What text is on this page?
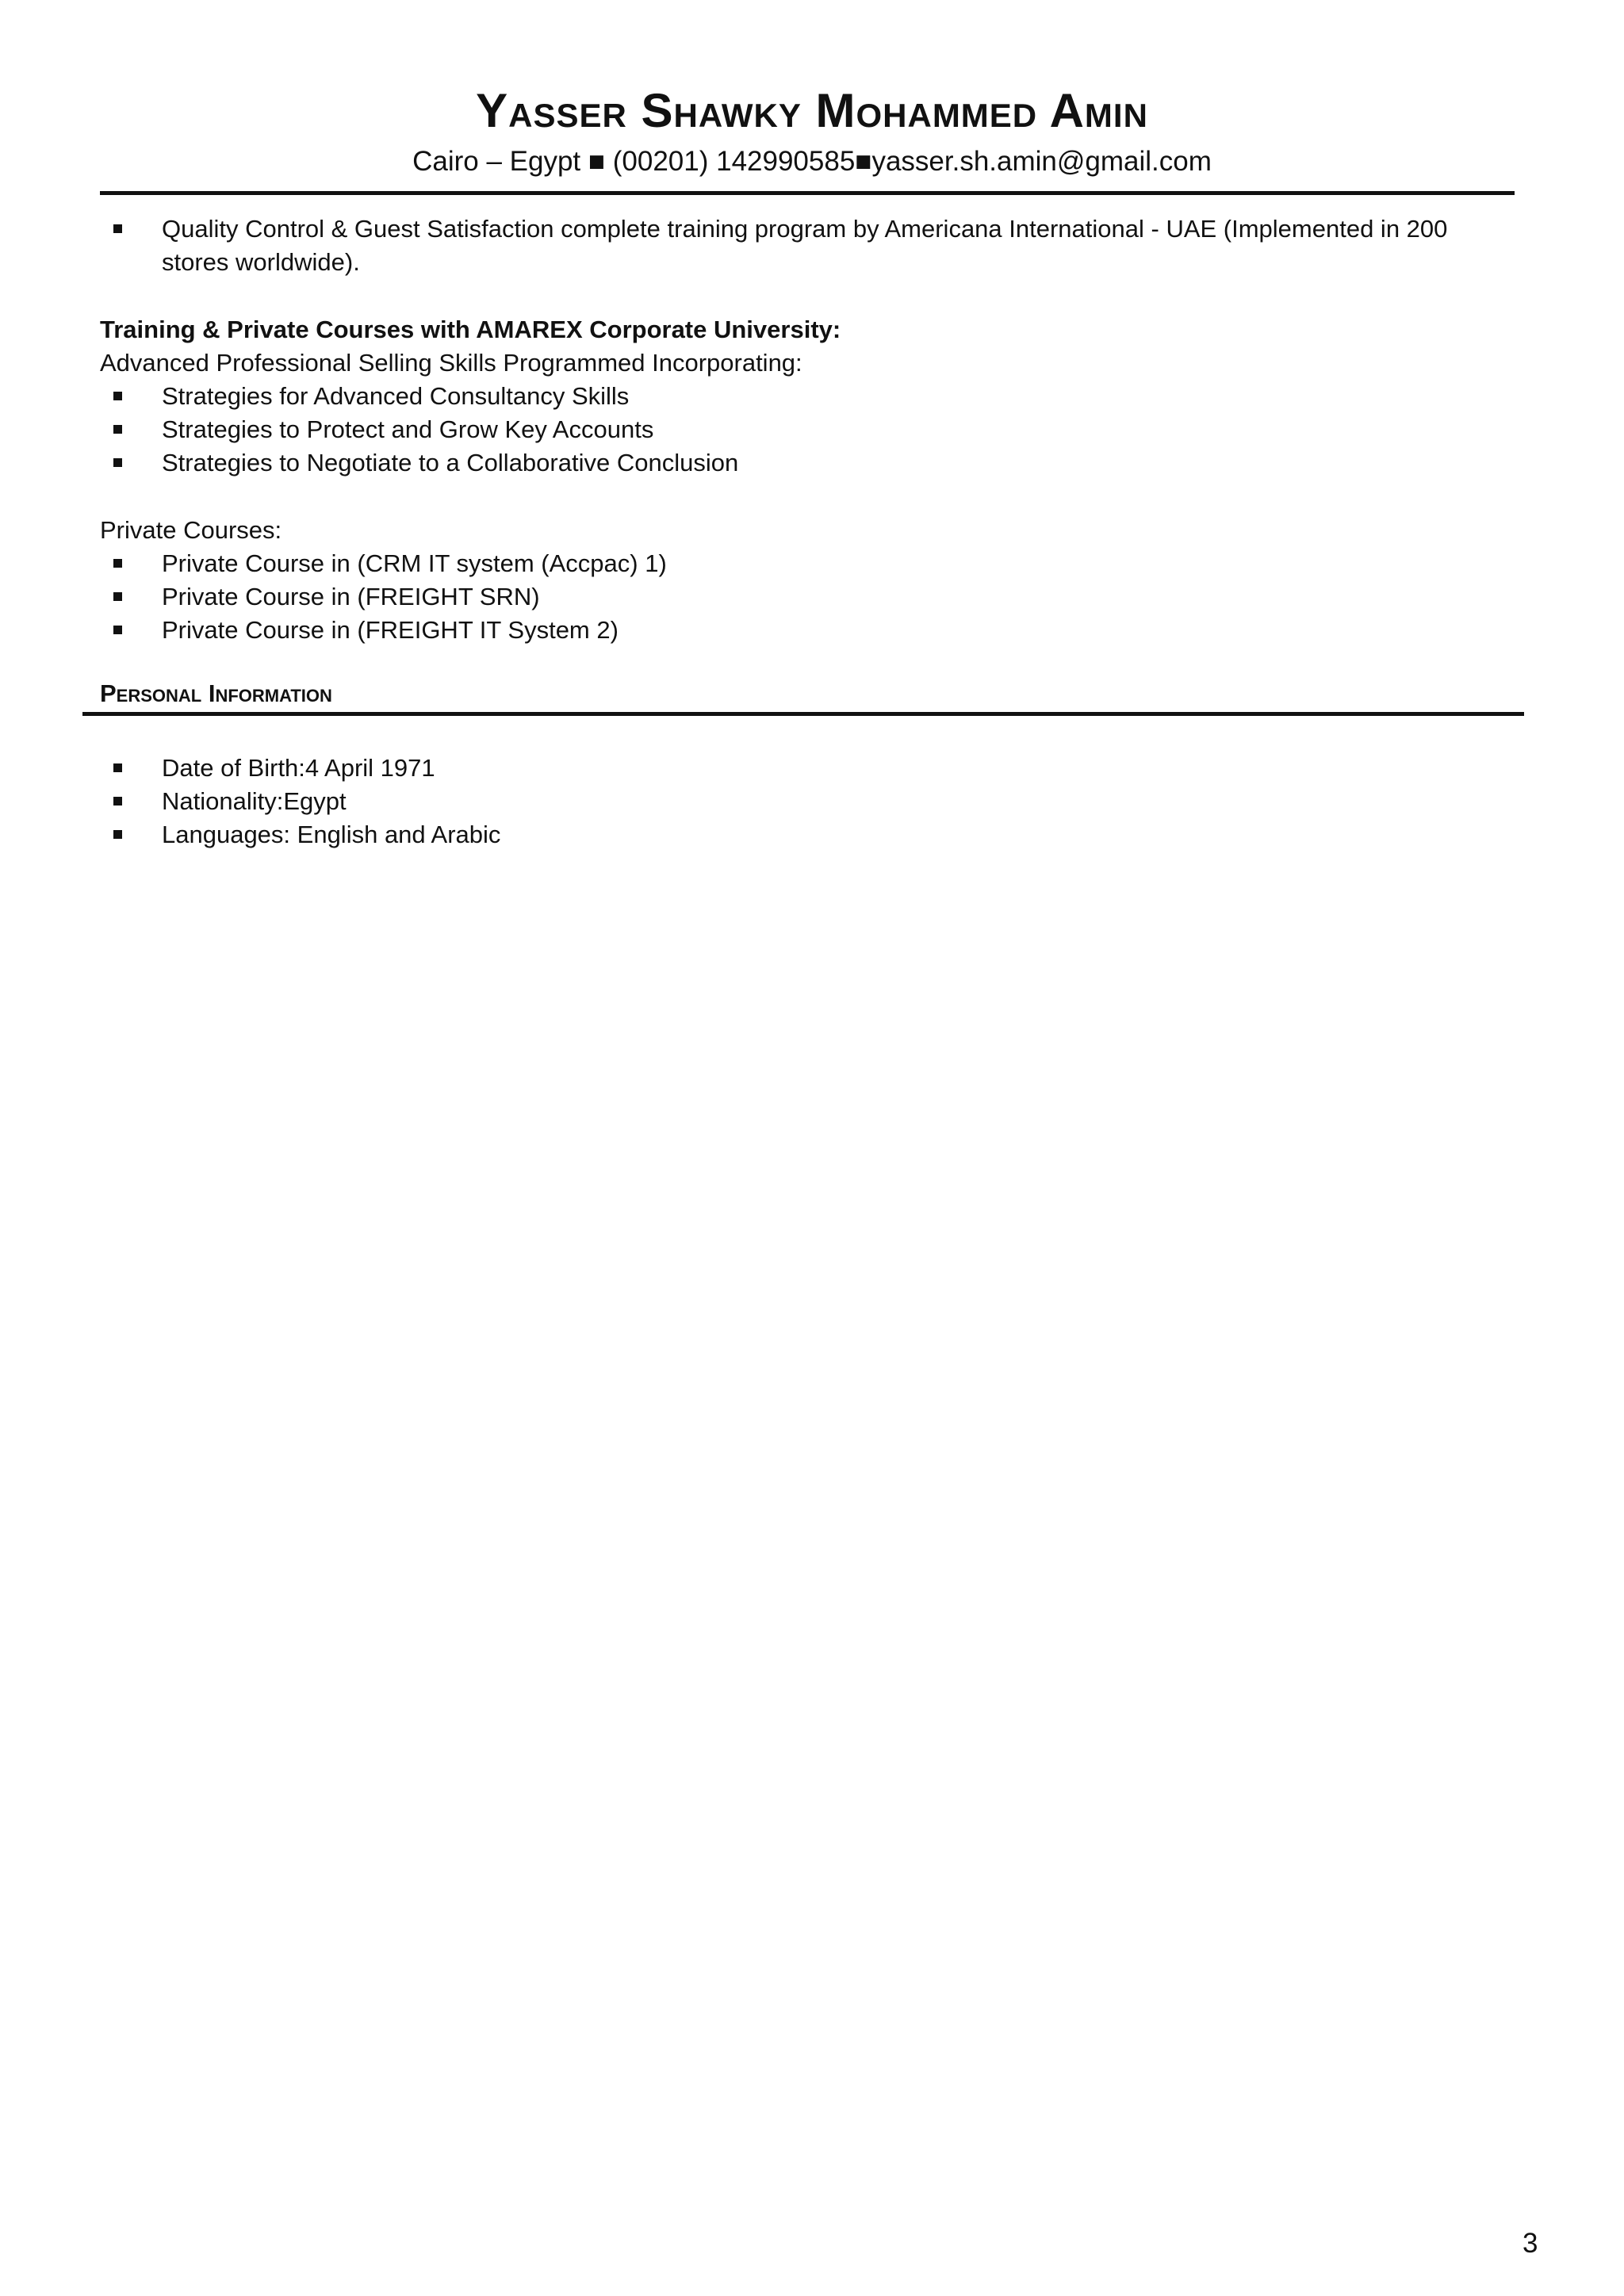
Yasser Shawky Mohammed Amin
Cairo – Egypt ■ (00201) 142990585■yasser.sh.amin@gmail.com
Quality Control & Guest Satisfaction complete training program by Americana International - UAE (Implemented in 200 stores worldwide).
Training & Private Courses with AMAREX Corporate University:
Advanced Professional Selling Skills Programmed Incorporating:
Strategies for Advanced Consultancy Skills
Strategies to Protect and Grow Key Accounts
Strategies to Negotiate to a Collaborative Conclusion
Private Courses:
Private Course in (CRM IT system (Accpac) 1)
Private Course in (FREIGHT SRN)
Private Course in (FREIGHT IT System 2)
Personal Information
Date of Birth:4 April 1971
Nationality:Egypt
Languages: English and Arabic
3
